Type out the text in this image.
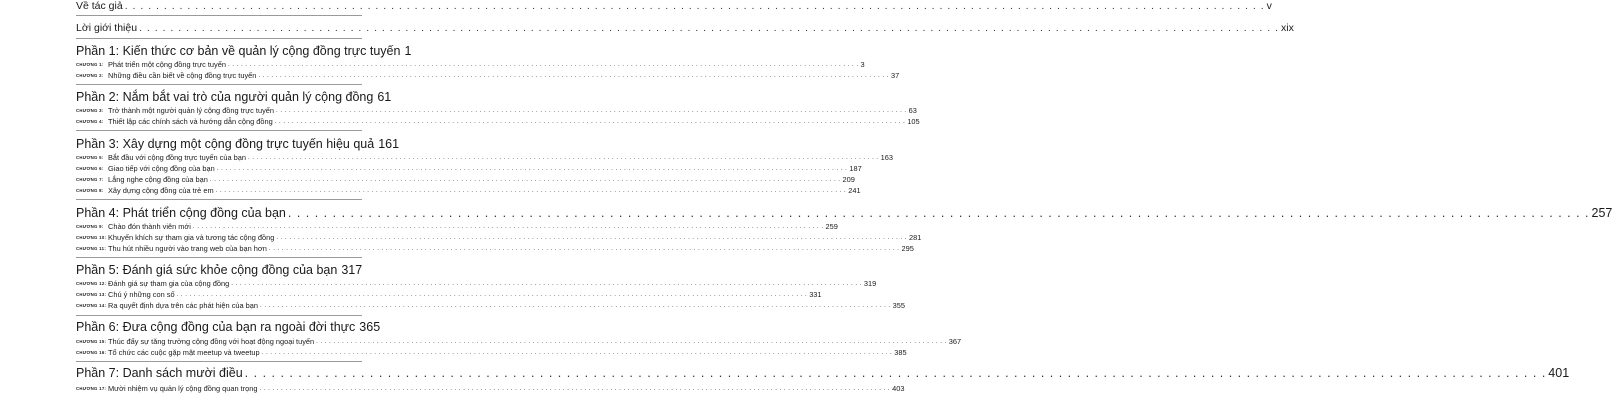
Về tác giả . . .	v
Lời giới thiệu . . .	xix
Phần 1: Kiến thức cơ bản về quản lý cộng đồng trực tuyến 1
CHƯƠNG 1: Phát triển một cộng đồng trực tuyến . . .	3
CHƯƠNG 2: Những điều cần biết về cộng đồng trực tuyến . . .	37
Phần 2: Nắm bắt vai trò của người quản lý cộng đồng 61
CHƯƠNG 3: Trở thành một người quản lý cộng đồng trực tuyến . . .	63
CHƯƠNG 4: Thiết lập các chính sách và hướng dẫn cộng đồng . . .	105
Phần 3: Xây dựng một cộng đồng trực tuyến hiệu quả 161
CHƯƠNG 5: Bắt đầu với cộng đồng trực tuyến của bạn . . .	163
CHƯƠNG 6: Giao tiếp với cộng đồng của bạn . . .	187
CHƯƠNG 7: Lắng nghe cộng đồng của bạn . . .	209
CHƯƠNG 8: Xây dựng cộng đồng của trẻ em . . .	241
Phần 4: Phát triển cộng đồng của bạn . . .	257
CHƯƠNG 9: Chào đón thành viên mới . . .	259
CHƯƠNG 10: Khuyến khích sự tham gia và tương tác cộng đồng . . .	281
CHƯƠNG 11: Thu hút nhiều người vào trang web của bạn hơn . . .	295
Phần 5: Đánh giá sức khỏe cộng đồng của bạn 317
CHƯƠNG 12: Đánh giá sự tham gia của cộng đồng . . .	319
CHƯƠNG 13: Chú ý những con số . . .	331
CHƯƠNG 14: Ra quyết định dựa trên các phát hiện của bạn . . .	355
Phần 6: Đưa cộng đồng của bạn ra ngoài đời thực 365
CHƯƠNG 15: Thúc đẩy sự tăng trưởng cộng đồng với hoạt động ngoại tuyến . . .	367
CHƯƠNG 16: Tổ chức các cuộc gặp mặt meetup và tweetup . . .	385
Phần 7: Danh sách mười điều . . .	401
CHƯƠNG 17: Mười nhiệm vụ quản lý cộng đồng quan trọng . . .	403
